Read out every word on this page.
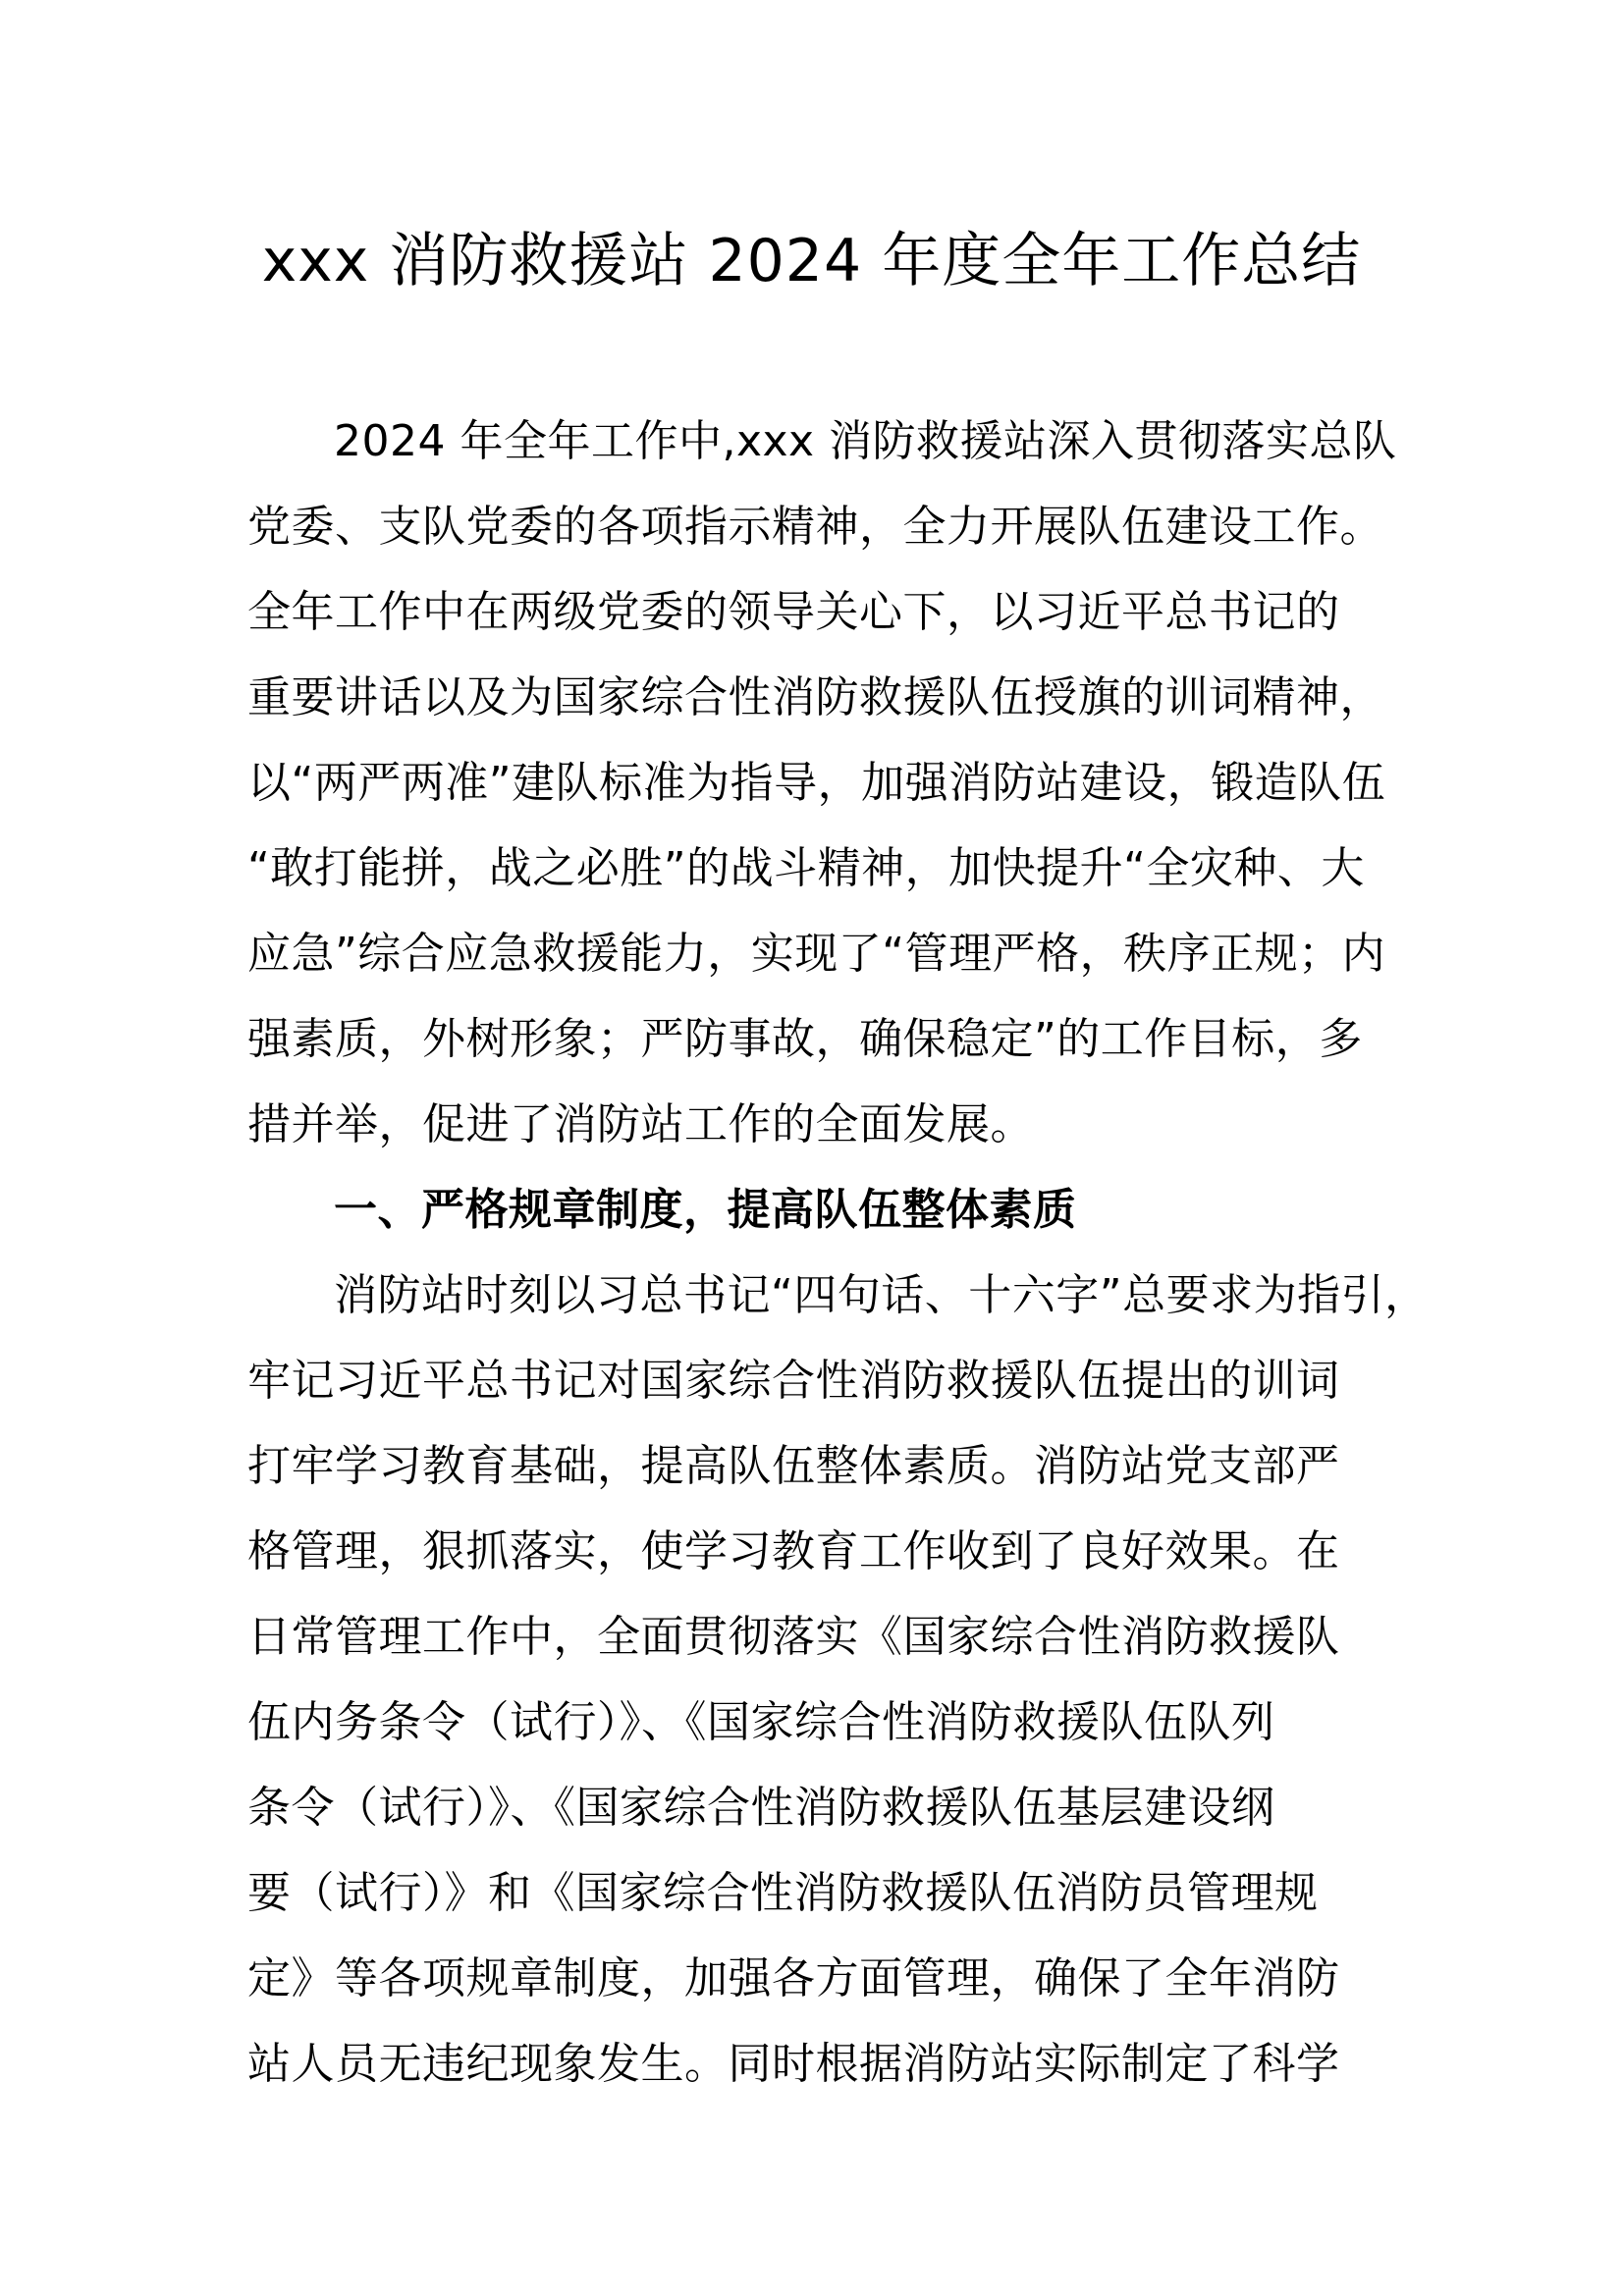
xxx 消防救援站 2024 年度全年工作总结
2024 年全年工作中,xxx 消防救援站深入贯彻落实总队
党委、支队党委的各项指示精神，全力开展队伍建设工作。
全年工作中在两级党委的领导关心下，以习近平总书记的
重要讲话以及为国家综合性消防救援队伍授旗的训词精神，
以“两严两准”建队标准为指导，加强消防站建设，锻造队伍
“敢打能拼，战之必胜”的战斗精神，加快提升“全灾种、大
应急”综合应急救援能力，实现了“管理严格，秩序正规；内
强素质，外树形象；严防事故，确保稳定”的工作目标，多
措并举，促进了消防站工作的全面发展。
一、严格规章制度，提高队伍整体素质
消防站时刻以习总书记“四句话、十六字”总要求为指引，
牢记习近平总书记对国家综合性消防救援队伍提出的训词
打牢学习教育基础，提高队伍整体素质。消防站党支部严
格管理，狠抓落实，使学习教育工作收到了良好效果。在
日常管理工作中，全面贯彻落实《国家综合性消防救援队
伍内务条令（试行）》、《国家综合性消防救援队伍队列
条令（试行）》、《国家综合性消防救援队伍基层建设纲
要（试行）》和《国家综合性消防救援队伍消防员管理规
定》等各项规章制度，加强各方面管理，确保了全年消防
站人员无违纪现象发生。同时根据消防站实际制定了科学
